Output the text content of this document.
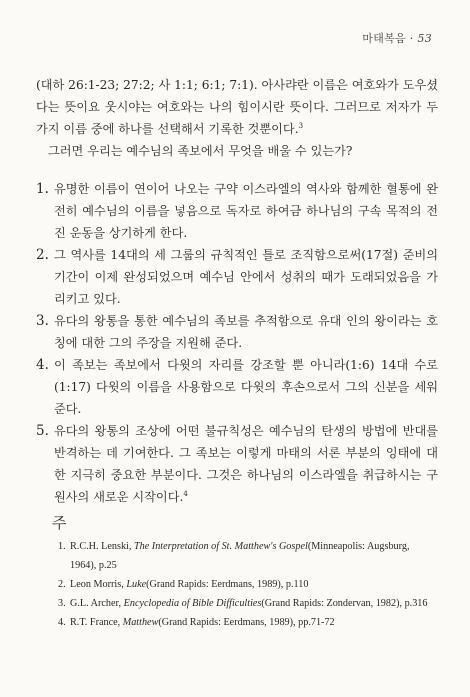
마태복음 · 53

(대하 26:1-23; 27:2; 사 1:1; 6:1; 7:1). 아사랴란 이름은 여호와가 도우셨다는 뜻이요 웃시야는 여호와는 나의 힘이시란 뜻이다. 그러므로 저자가 두 가지 이름 중에 하나를 선택해서 기록한 것뿐이다.$^3$

그러면 우리는 예수님의 족보에서 무엇을 배울 수 있는가?

1. 유명한 이름이 연이어 나오는 구약 이스라엘의 역사와 함께한 혈통에 완전히 예수님의 이름을 넣음으로 독자로 하여금 하나님의 구속 목적의 전진 운동을 상기하게 한다.
2. 그 역사를 14대의 세 그룹의 규칙적인 틀로 조직함으로써(17절) 준비의 기간이 이제 완성되었으며 예수님 안에서 성취의 때가 도래되었음을 가리키고 있다.
3. 유다의 왕통을 통한 예수님의 족보를 추적함으로 유대 인의 왕이라는 호칭에 대한 그의 주장을 지원해 준다.
4. 이 족보는 족보에서 다윗의 자리를 강조할 뿐 아니라(1:6) 14대 수로(1:17) 다윗의 이름을 사용함으로 다윗의 후손으로서 그의 신분을 세워준다.
5. 유다의 왕통의 조상에 어떤 불규칙성은 예수님의 탄생의 방법에 반대를 반격하는 데 기여한다. 그 족보는 이렇게 마태의 서론 부분의 잉태에 대한 지극히 중요한 부분이다. 그것은 하나님의 이스라엘을 취급하시는 구원사의 새로운 시작이다.$^4$
주
1. R.C.H. Lenski, The Interpretation of St. Matthew's Gospel(Minneapolis: Augsburg, 1964), p.25
2. Leon Morris, Luke(Grand Rapids: Eerdmans, 1989), p.110
3. G.L. Archer, Encyclopedia of Bible Difficulties(Grand Rapids: Zondervan, 1982), p.316
4. R.T. France, Matthew(Grand Rapids: Eerdmans, 1989), pp.71-72
